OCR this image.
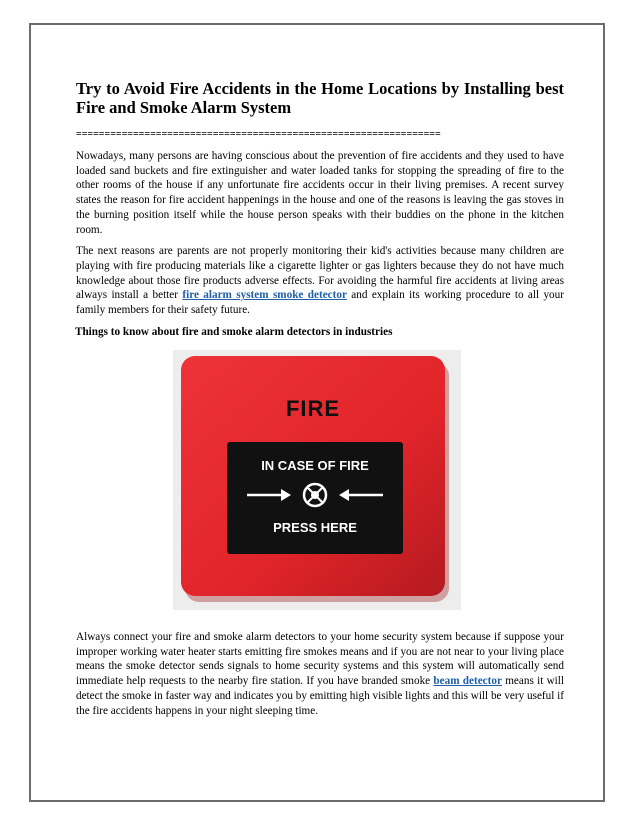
Try to Avoid Fire Accidents in the Home Locations by Installing best Fire and Smoke Alarm System
================================================================

Nowadays, many persons are having conscious about the prevention of fire accidents and they used to have loaded sand buckets and fire extinguisher and water loaded tanks for stopping the spreading of fire to the other rooms of the house if any unfortunate fire accidents occur in their living premises. A recent survey states the reason for fire accident happenings in the house and one of the reasons is leaving the gas stoves in the burning position itself while the house person speaks with their buddies on the phone in the kitchen room.

The next reasons are parents are not properly monitoring their kid's activities because many children are playing with fire producing materials like a cigarette lighter or gas lighters because they do not have much knowledge about those fire products adverse effects. For avoiding the harmful fire accidents at living areas always install a better fire alarm system smoke detector and explain its working procedure to all your family members for their safety future.

Things to know about fire and smoke alarm detectors in industries
FIRE
IN CASE OF FIRE
PRESS HERE

Always connect your fire and smoke alarm detectors to your home security system because if suppose your improper working water heater starts emitting fire smokes means and if you are not near to your living place means the smoke detector sends signals to home security systems and this system will automatically send immediate help requests to the nearby fire station. If you have branded smoke beam detector means it will detect the smoke in faster way and indicates you by emitting high visible lights and this will be very useful if the fire accidents happens in your night sleeping time.
